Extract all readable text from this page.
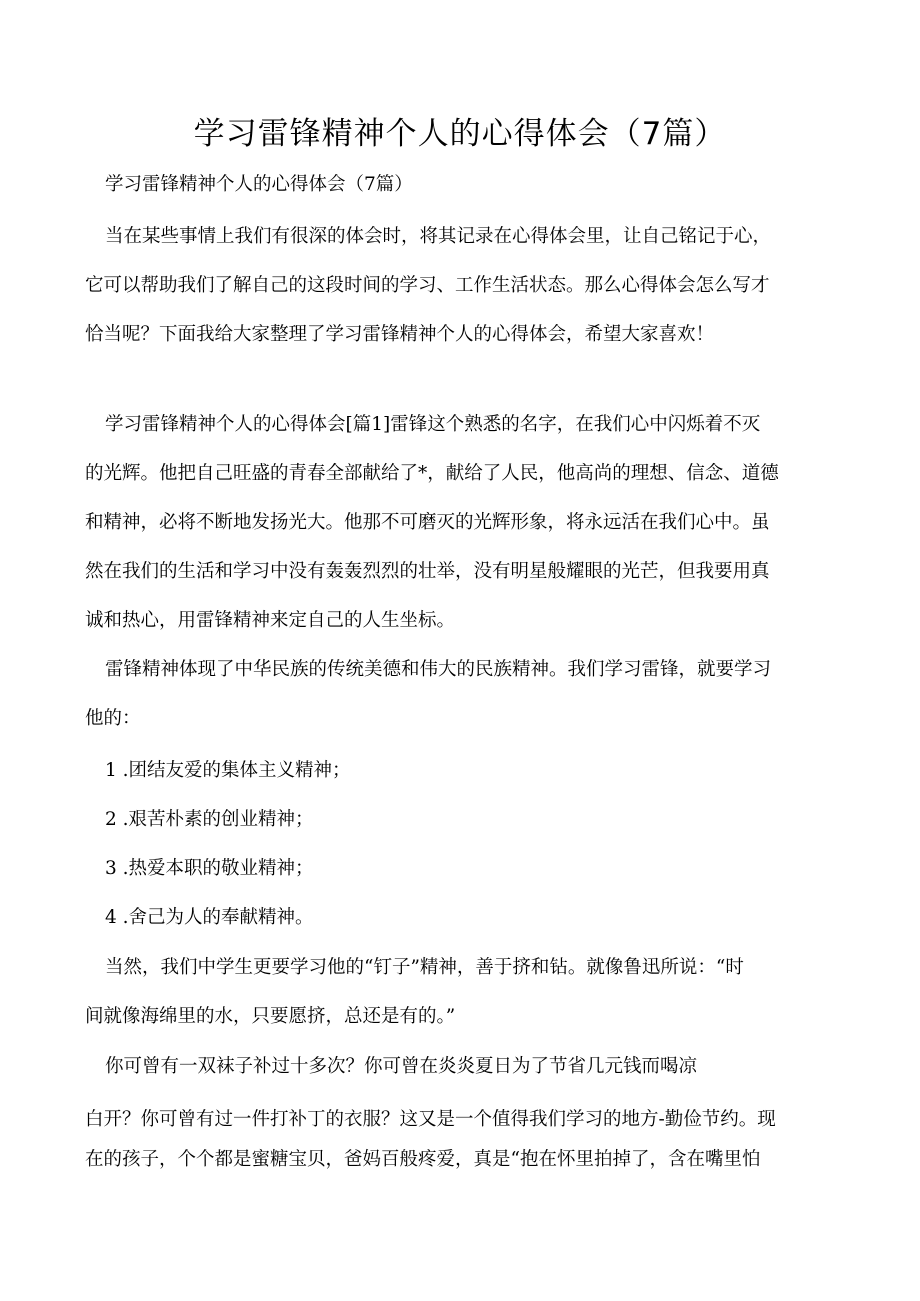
学习雷锋精神个人的心得体会（7篇）

学习雷锋精神个人的心得体会（7篇）

当在某些事情上我们有很深的体会时，将其记录在心得体会里，让自己铭记于心，
它可以帮助我们了解自己的这段时间的学习、工作生活状态。那么心得体会怎么写才
恰当呢？下面我给大家整理了学习雷锋精神个人的心得体会，希望大家喜欢！

学习雷锋精神个人的心得体会[篇1]雷锋这个熟悉的名字，在我们心中闪烁着不灭
的光辉。他把自己旺盛的青春全部献给了*，献给了人民，他高尚的理想、信念、道德
和精神，必将不断地发扬光大。他那不可磨灭的光辉形象，将永远活在我们心中。虽
然在我们的生活和学习中没有轰轰烈烈的壮举，没有明星般耀眼的光芒，但我要用真
诚和热心，用雷锋精神来定自己的人生坐标。

雷锋精神体现了中华民族的传统美德和伟大的民族精神。我们学习雷锋，就要学习
他的：

1 .团结友爱的集体主义精神；
2 .艰苦朴素的创业精神；
3 .热爱本职的敬业精神；
4 .舍己为人的奉献精神。

当然，我们中学生更要学习他的“钉子”精神，善于挤和钻。就像鲁迅所说：“时
间就像海绵里的水，只要愿挤，总还是有的。”

你可曾有一双袜子补过十多次？你可曾在炎炎夏日为了节省几元钱而喝凉

白开？你可曾有过一件打补丁的衣服？这又是一个值得我们学习的地方-勤俭节约。现
在的孩子，个个都是蜜糖宝贝，爸妈百般疼爱，真是“抱在怀里拍掉了，含在嘴里怕
